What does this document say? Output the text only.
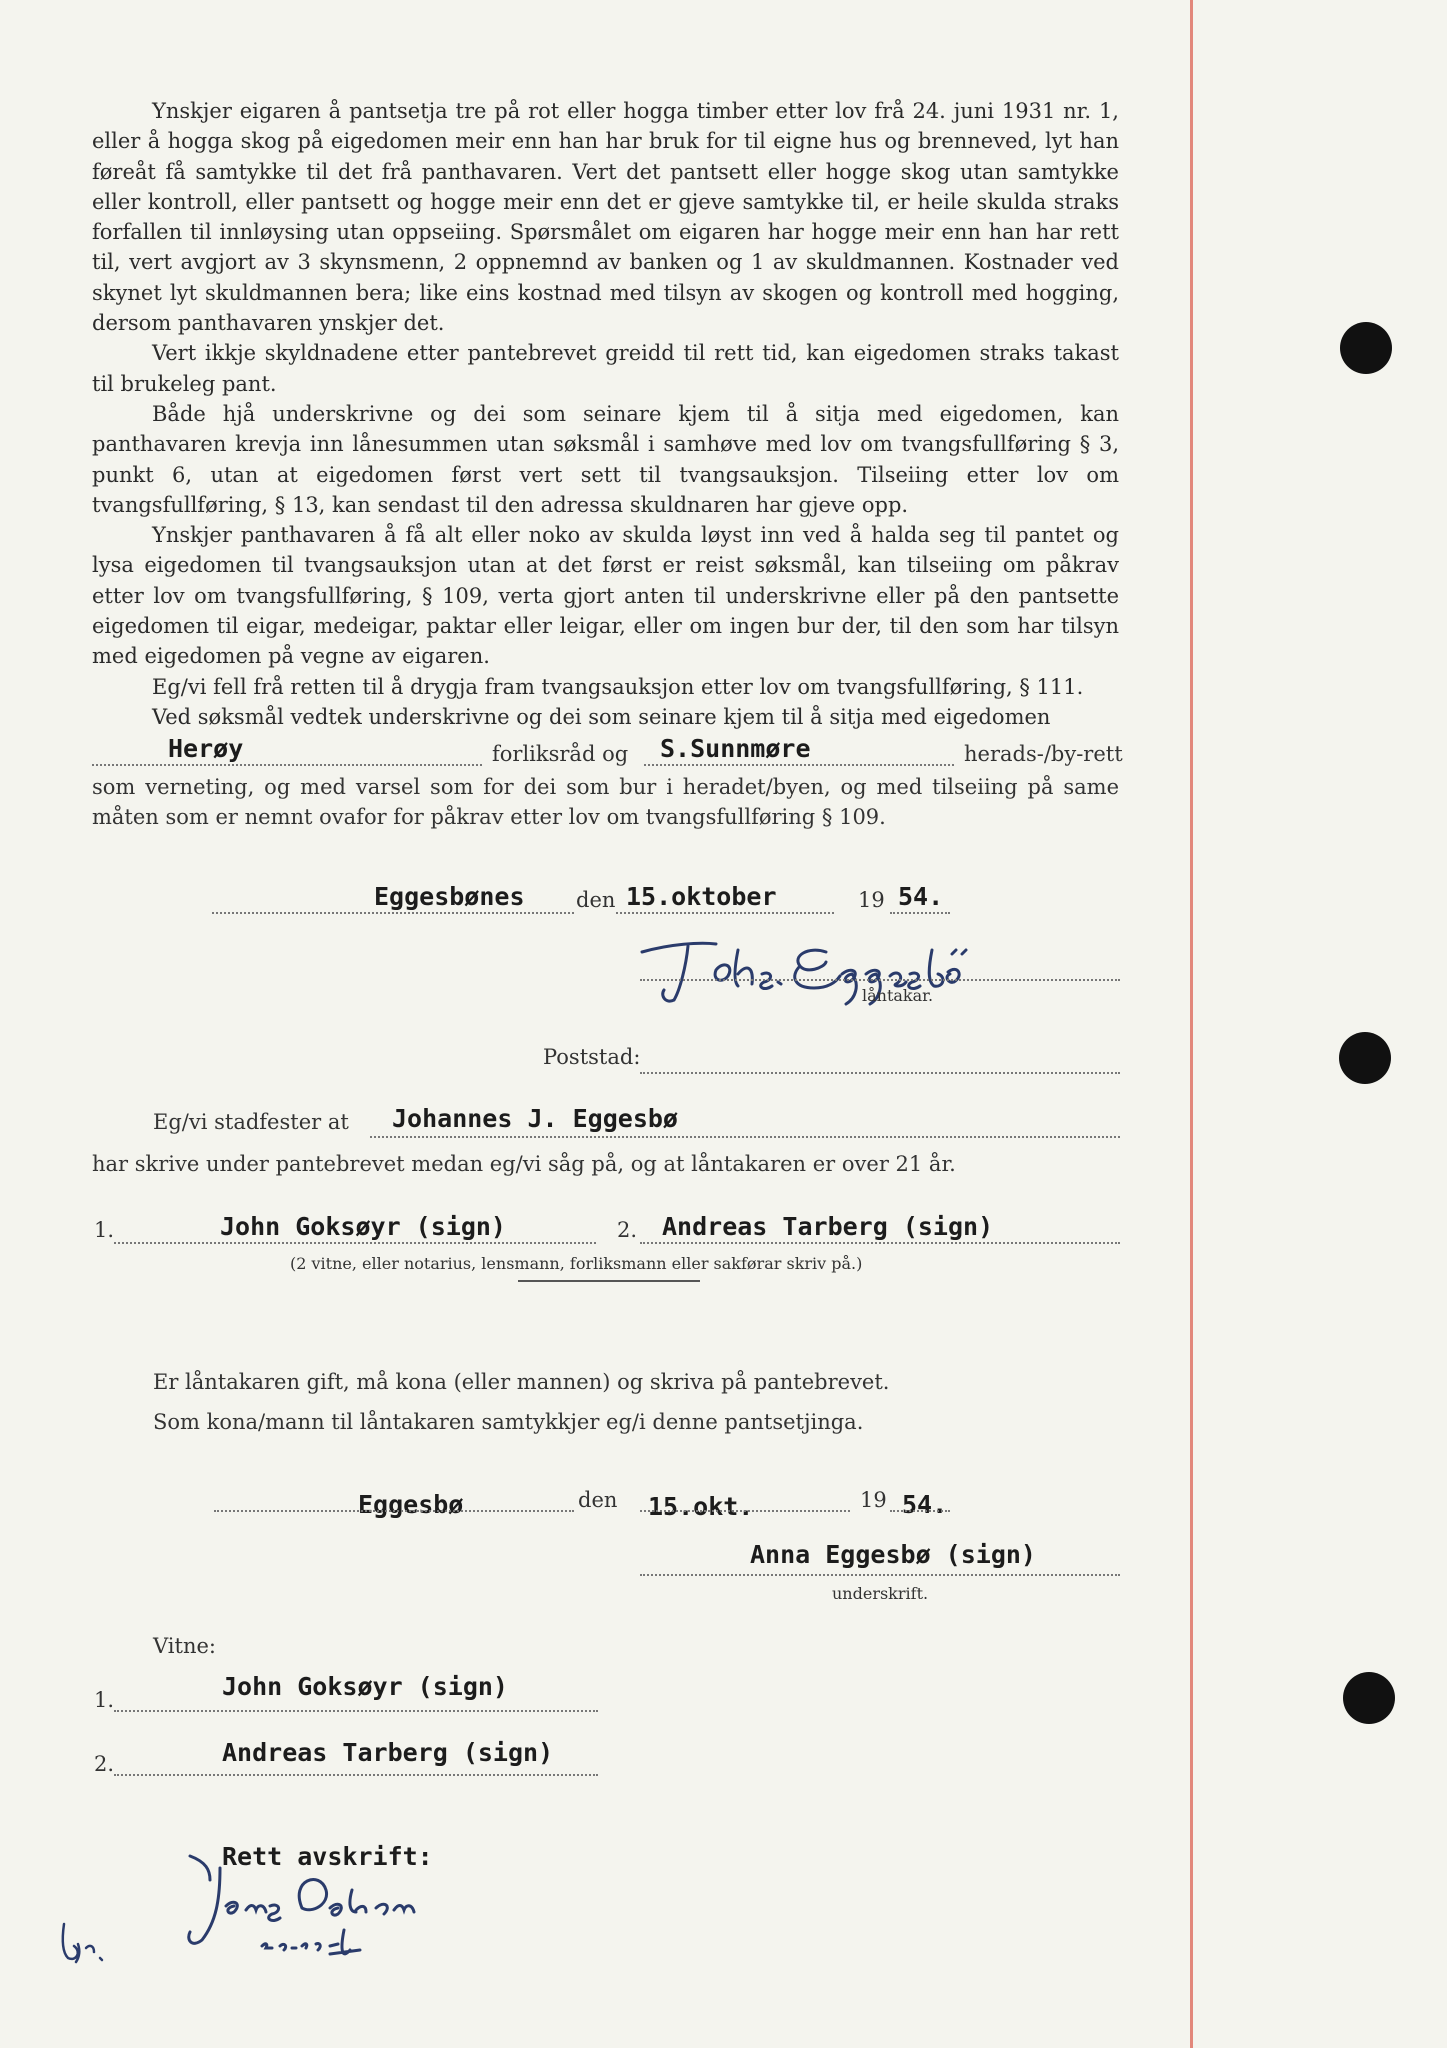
Ynskjer eigaren å pantsetja tre på rot eller hogga timber etter lov frå 24. juni 1931 nr. 1, eller å hogga skog på eigedomen meir enn han har bruk for til eigne hus og brenneved, lyt han føreåt få samtykke til det frå panthavaren. Vert det pantsett eller hogge skog utan samtykke eller kontroll, eller pantsett og hogge meir enn det er gjeve samtykke til, er heile skulda straks forfallen til innløysing utan oppseiing. Spørsmålet om eigaren har hogge meir enn han har rett til, vert avgjort av 3 skynsmenn, 2 oppnemnd av banken og 1 av skuldmannen. Kostnader ved skynet lyt skuldmannen bera; like eins kostnad med tilsyn av skogen og kontroll med hogging, dersom panthavaren ynskjer det.

Vert ikkje skyldnadene etter pantebrevet greidd til rett tid, kan eigedomen straks takast til brukeleg pant.

Både hjå underskrivne og dei som seinare kjem til å sitja med eigedomen, kan panthavaren krevja inn lånesummen utan søksmål i samhøve med lov om tvangsfullføring § 3, punkt 6, utan at eigedomen først vert sett til tvangsauksjon. Tilseiing etter lov om tvangsfullføring, § 13, kan sendast til den adressa skuldnaren har gjeve opp.

Ynskjer panthavaren å få alt eller noko av skulda løyst inn ved å halda seg til pantet og lysa eigedomen til tvangsauksjon utan at det først er reist søksmål, kan tilseiing om påkrav etter lov om tvangsfullføring, § 109, verta gjort anten til underskrivne eller på den pantsette eigedomen til eigar, medeigar, paktar eller leigar, eller om ingen bur der, til den som har tilsyn med eigedomen på vegne av eigaren.

Eg/vi fell frå retten til å drygja fram tvangsauksjon etter lov om tvangsfullføring, § 111.

Ved søksmål vedtek underskrivne og dei som seinare kjem til å sitja med eigedomen

Herøy	forliksråd og S.Sunnmøre	herads-/by-rett
som verneting, og med varsel som for dei som bur i heradet/byen, og med tilseiing på same måten som er nemnt ovafor for påkrav etter lov om tvangsfullføring § 109.
Eggesbønes den 15.oktober	19 54.
låntakar.
Poststad:
Eg/vi stadfester at Johannes J. Eggesbø
har skrive under pantebrevet medan eg/vi såg på, og at låntakaren er over 21 år.
1.	John Goksøyr (sign)	2. Andreas Tarberg (sign)
(2 vitne, eller notarius, lensmann, forliksmann eller sakførar skriv på.)
Er låntakaren gift, må kona (eller mannen) og skriva på pantebrevet.
Som kona/mann til låntakaren samtykkjer eg/i denne pantsetjinga.
Eggesbø	den 15.okt.	19 54.
Anna Eggesbø (sign)
underskrift.
Vitne:
1.	John Goksøyr (sign)
2.	Andreas Tarberg (sign)
Rett avskrift:
